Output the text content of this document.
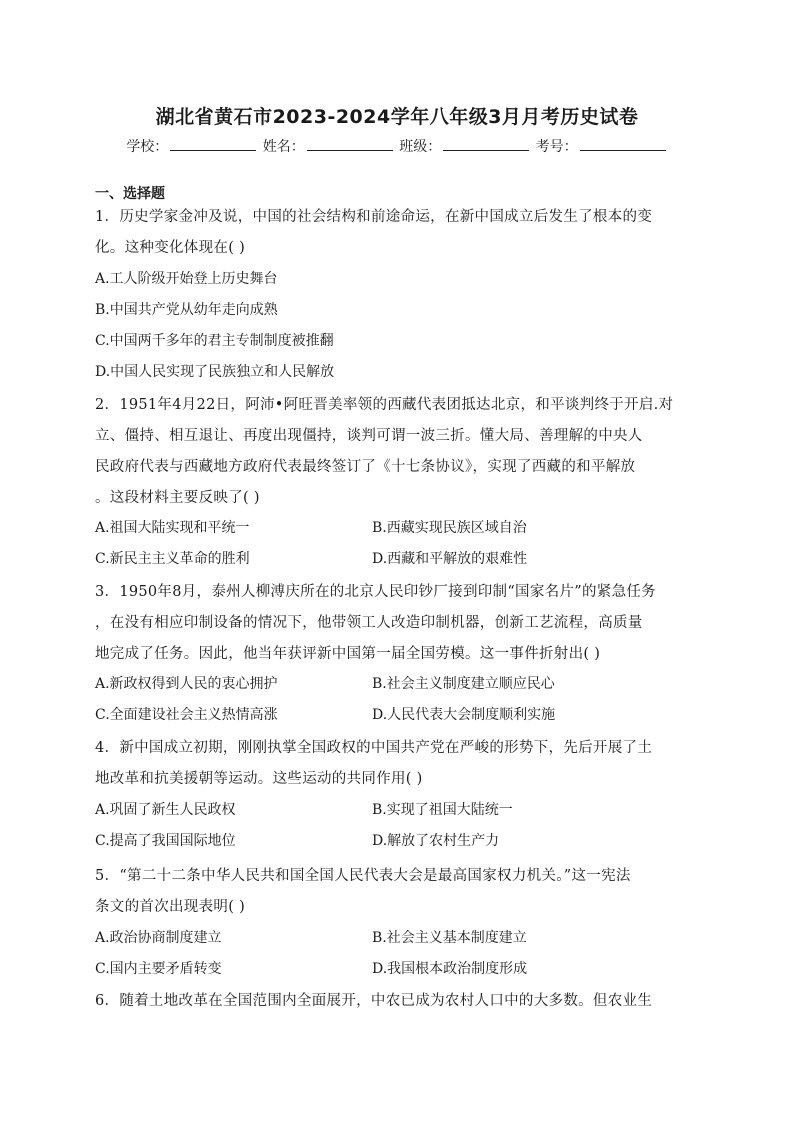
湖北省黄石市2023-2024学年八年级3月月考历史试卷
学校：	姓名：	班级：	考号：
一、选择题
1．历史学家金冲及说，中国的社会结构和前途命运，在新中国成立后发生了根本的变
化。这种变化体现在( )
A.工人阶级开始登上历史舞台
B.中国共产党从幼年走向成熟
C.中国两千多年的君主专制制度被推翻
D.中国人民实现了民族独立和人民解放
2．1951年4月22日，阿沛•阿旺晋美率领的西藏代表团抵达北京，和平谈判终于开启.对
立、僵持、相互退让、再度出现僵持，谈判可谓一波三折。懂大局、善理解的中央人
民政府代表与西藏地方政府代表最终签订了《十七条协议》，实现了西藏的和平解放
。这段材料主要反映了( )
A.祖国大陆实现和平统一	B.西藏实现民族区域自治
C.新民主主义革命的胜利	D.西藏和平解放的艰难性
3．1950年8月，泰州人柳溥庆所在的北京人民印钞厂接到印制“国家名片”的紧急任务
，在没有相应印制设备的情况下，他带领工人改造印制机器，创新工艺流程，高质量
地完成了任务。因此，他当年获评新中国第一届全国劳模。这一事件折射出( )
A.新政权得到人民的衷心拥护	B.社会主义制度建立顺应民心
C.全面建设社会主义热情高涨	D.人民代表大会制度顺利实施
4．新中国成立初期，刚刚执掌全国政权的中国共产党在严峻的形势下，先后开展了土
地改革和抗美援朝等运动。这些运动的共同作用( )
A.巩固了新生人民政权	B.实现了祖国大陆统一
C.提高了我国国际地位	D.解放了农村生产力
5．“第二十二条中华人民共和国全国人民代表大会是最高国家权力机关。”这一宪法
条文的首次出现表明( )
A.政治协商制度建立	B.社会主义基本制度建立
C.国内主要矛盾转变	D.我国根本政治制度形成
6．随着土地改革在全国范围内全面展开，中农已成为农村人口中的大多数。但农业生
